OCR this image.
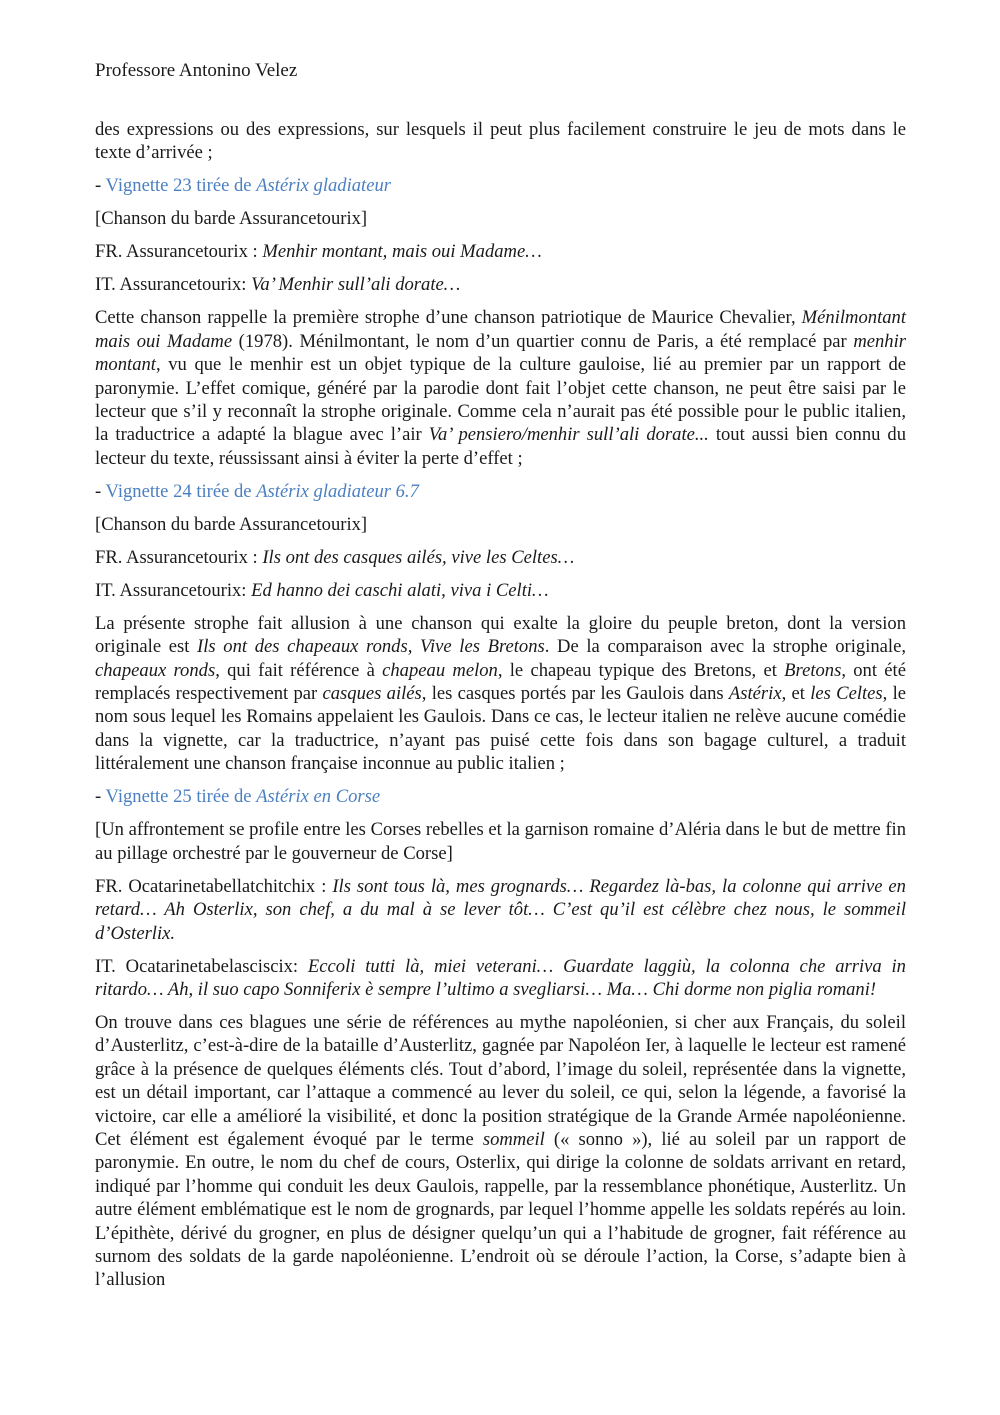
Professore Antonino Velez

des expressions ou des expressions, sur lesquels il peut plus facilement construire le jeu de mots dans le texte d’arrivée ;

- Vignette 23 tirée de Astérix gladiateur

[Chanson du barde Assurancetourix]

FR. Assurancetourix : Menhir montant, mais oui Madame…

IT. Assurancetourix: Va’ Menhir sull’ali dorate…

Cette chanson rappelle la première strophe d’une chanson patriotique de Maurice Chevalier, Ménilmontant mais oui Madame (1978). Ménilmontant, le nom d’un quartier connu de Paris, a été remplacé par menhir montant, vu que le menhir est un objet typique de la culture gauloise, lié au premier par un rapport de paronymie. L’effet comique, généré par la parodie dont fait l’objet cette chanson, ne peut être saisi par le lecteur que s’il y reconnaît la strophe originale. Comme cela n’aurait pas été possible pour le public italien, la traductrice a adapté la blague avec l’air Va’ pensiero/menhir sull’ali dorate... tout aussi bien connu du lecteur du texte, réussissant ainsi à éviter la perte d’effet ;

- Vignette 24 tirée de Astérix gladiateur 6.7

[Chanson du barde Assurancetourix]

FR. Assurancetourix : Ils ont des casques ailés, vive les Celtes…

IT. Assurancetourix: Ed hanno dei caschi alati, viva i Celti…

La présente strophe fait allusion à une chanson qui exalte la gloire du peuple breton, dont la version originale est Ils ont des chapeaux ronds, Vive les Bretons. De la comparaison avec la strophe originale, chapeaux ronds, qui fait référence à chapeau melon, le chapeau typique des Bretons, et Bretons, ont été remplacés respectivement par casques ailés, les casques portés par les Gaulois dans Astérix, et les Celtes, le nom sous lequel les Romains appelaient les Gaulois. Dans ce cas, le lecteur italien ne relève aucune comédie dans la vignette, car la traductrice, n’ayant pas puisé cette fois dans son bagage culturel, a traduit littéralement une chanson française inconnue au public italien ;

- Vignette 25 tirée de Astérix en Corse

[Un affrontement se profile entre les Corses rebelles et la garnison romaine d’Aléria dans le but de mettre fin au pillage orchestré par le gouverneur de Corse]

FR. Ocatarinetabellatchitchix : Ils sont tous là, mes grognards… Regardez là-bas, la colonne qui arrive en retard… Ah Osterlix, son chef, a du mal à se lever tôt… C’est qu’il est célèbre chez nous, le sommeil d’Osterlix.

IT. Ocatarinetabelasciscix: Eccoli tutti là, miei veterani… Guardate laggiù, la colonna che arriva in ritardo… Ah, il suo capo Sonniferix è sempre l’ultimo a svegliarsi… Ma… Chi dorme non piglia romani!

On trouve dans ces blagues une série de références au mythe napoléonien, si cher aux Français, du soleil d’Austerlitz, c’est-à-dire de la bataille d’Austerlitz, gagnée par Napoléon Ier, à laquelle le lecteur est ramené grâce à la présence de quelques éléments clés. Tout d’abord, l’image du soleil, représentée dans la vignette, est un détail important, car l’attaque a commencé au lever du soleil, ce qui, selon la légende, a favorisé la victoire, car elle a amélioré la visibilité, et donc la position stratégique de la Grande Armée napoléonienne. Cet élément est également évoqué par le terme sommeil (« sonno »), lié au soleil par un rapport de paronymie. En outre, le nom du chef de cours, Osterlix, qui dirige la colonne de soldats arrivant en retard, indiqué par l’homme qui conduit les deux Gaulois, rappelle, par la ressemblance phonétique, Austerlitz. Un autre élément emblématique est le nom de grognards, par lequel l’homme appelle les soldats repérés au loin. L’épithète, dérivé du grogner, en plus de désigner quelqu’un qui a l’habitude de grogner, fait référence au surnom des soldats de la garde napoléonienne. L’endroit où se déroule l’action, la Corse, s’adapte bien à l’allusion
